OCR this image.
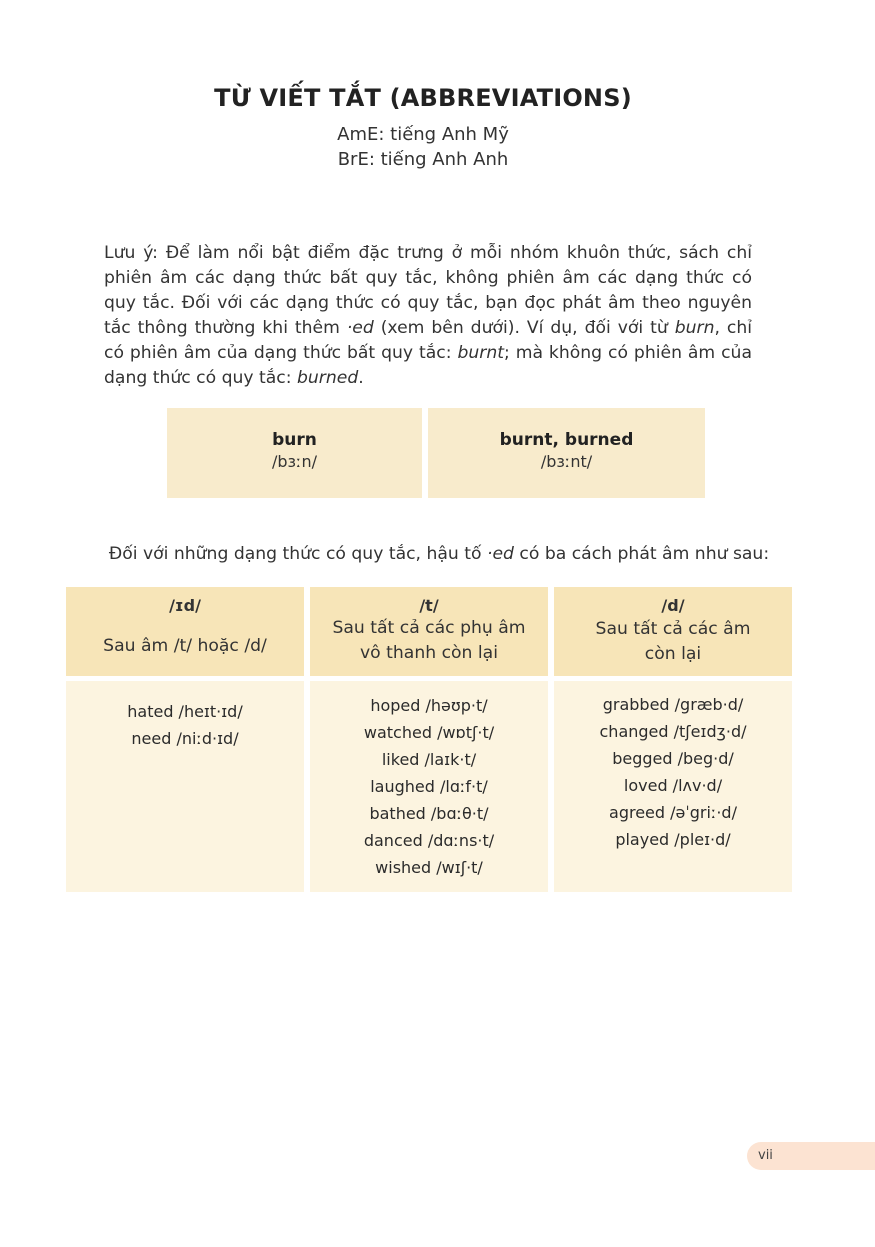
TỪ VIẾT TẮT (ABBREVIATIONS)
AmE: tiếng Anh Mỹ
BrE: tiếng Anh Anh

Lưu ý: Để làm nổi bật điểm đặc trưng ở mỗi nhóm khuôn thức, sách chỉ phiên âm các dạng thức bất quy tắc, không phiên âm các dạng thức có quy tắc. Đối với các dạng thức có quy tắc, bạn đọc phát âm theo nguyên tắc thông thường khi thêm ·ed (xem bên dưới). Ví dụ, đối với từ burn, chỉ có phiên âm của dạng thức bất quy tắc: burnt; mà không có phiên âm của dạng thức có quy tắc: burned.

burn
/bɜːn/
burnt, burned
/bɜːnt/

Đối với những dạng thức có quy tắc, hậu tố ·ed có ba cách phát âm như sau:

/ɪd/
Sau âm /t/ hoặc /d/
hated /heɪt·ɪd/
need /niːd·ɪd/
/t/
Sau tất cả các phụ âm
vô thanh còn lại
hoped /həʊp·t/
watched /wɒtʃ·t/
liked /laɪk·t/
laughed /lɑːf·t/
bathed /bɑːθ·t/
danced /dɑːns·t/
wished /wɪʃ·t/
/d/
Sau tất cả các âm
còn lại
grabbed /græb·d/
changed /tʃeɪdʒ·d/
begged /beg·d/
loved /lʌv·d/
agreed /əˈgriː·d/
played /pleɪ·d/
vii
